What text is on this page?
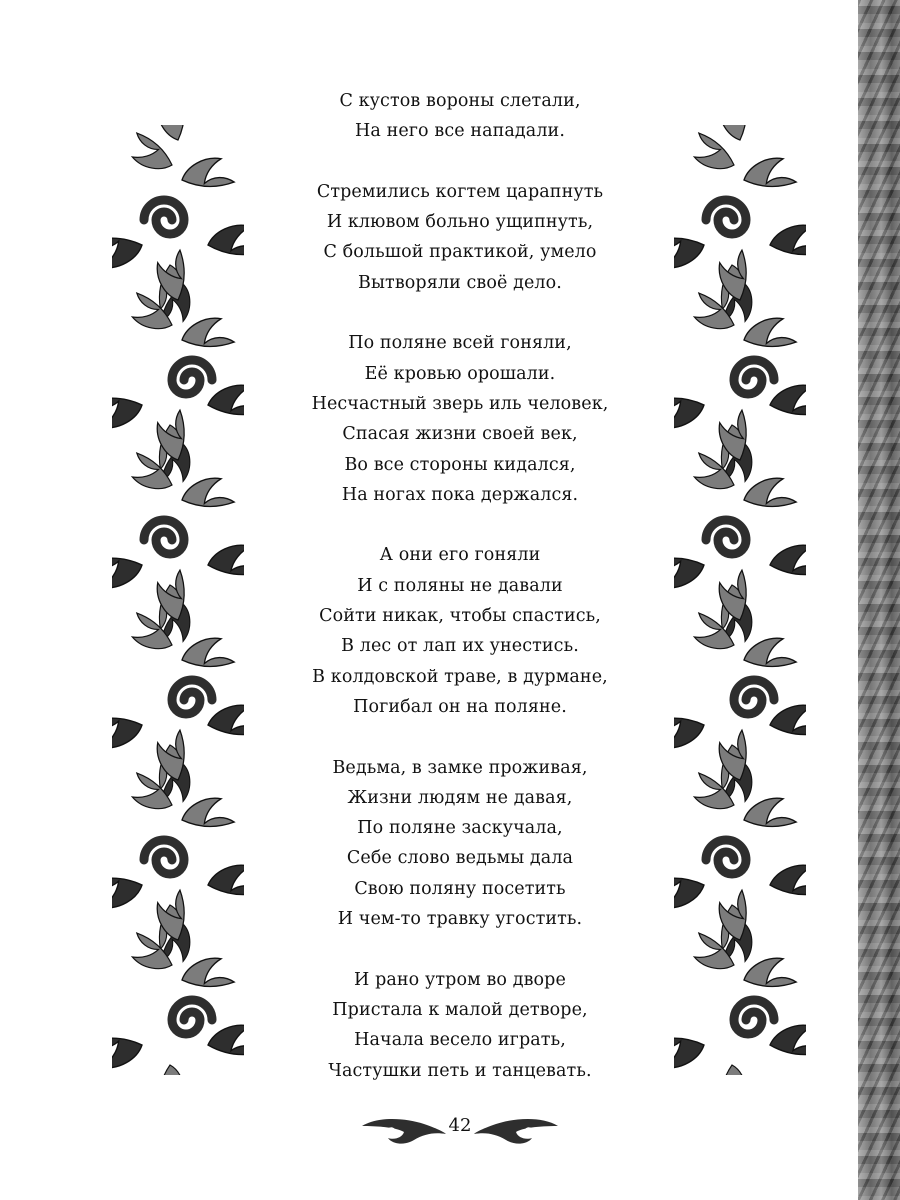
С кустов вороны слетали,
На него все нападали.
Стремились когтем царапнуть
И клювом больно ущипнуть,
С большой практикой, умело
Вытворяли своё дело.
По поляне всей гоняли,
Её кровью орошали.
Несчастный зверь иль человек,
Спасая жизни своей век,
Во все стороны кидался,
На ногах пока держался.
А они его гоняли
И с поляны не давали
Сойти никак, чтобы спастись,
В лес от лап их унестись.
В колдовской траве, в дурмане,
Погибал он на поляне.
Ведьма, в замке проживая,
Жизни людям не давая,
По поляне заскучала,
Себе слово ведьмы дала
Свою поляну посетить
И чем-то травку угостить.
И рано утром во дворе
Пристала к малой детворе,
Начала весело играть,
Частушки петь и танцевать.
42
